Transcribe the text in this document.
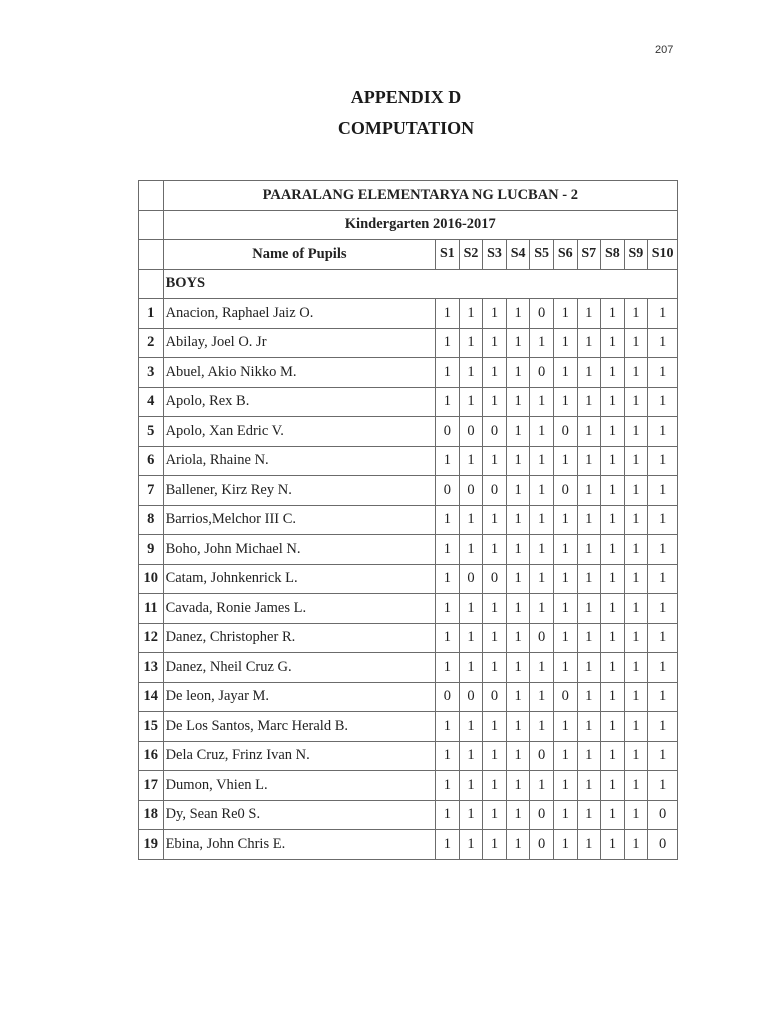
207
APPENDIX D
COMPUTATION
	PAARALANG ELEMENTARYA NG LUCBAN - 2										
	Kindergarten 2016-2017										
	Name of Pupils	S1	S2	S3	S4	S5	S6	S7	S8	S9	S10
	BOYS										
1	Anacion, Raphael Jaiz O.	1	1	1	1	0	1	1	1	1	1
2	Abilay, Joel O. Jr	1	1	1	1	1	1	1	1	1	1
3	Abuel, Akio Nikko M.	1	1	1	1	0	1	1	1	1	1
4	Apolo, Rex B.	1	1	1	1	1	1	1	1	1	1
5	Apolo, Xan Edric V.	0	0	0	1	1	0	1	1	1	1
6	Ariola, Rhaine N.	1	1	1	1	1	1	1	1	1	1
7	Ballener, Kirz Rey N.	0	0	0	1	1	0	1	1	1	1
8	Barrios,Melchor III C.	1	1	1	1	1	1	1	1	1	1
9	Boho, John Michael N.	1	1	1	1	1	1	1	1	1	1
10	Catam, Johnkenrick L.	1	0	0	1	1	1	1	1	1	1
11	Cavada, Ronie James L.	1	1	1	1	1	1	1	1	1	1
12	Danez, Christopher R.	1	1	1	1	0	1	1	1	1	1
13	Danez, Nheil Cruz G.	1	1	1	1	1	1	1	1	1	1
14	De leon, Jayar M.	0	0	0	1	1	0	1	1	1	1
15	De Los Santos, Marc Herald B.	1	1	1	1	1	1	1	1	1	1
16	Dela Cruz, Frinz Ivan N.	1	1	1	1	0	1	1	1	1	1
17	Dumon, Vhien L.	1	1	1	1	1	1	1	1	1	1
18	Dy, Sean Re0 S.	1	1	1	1	0	1	1	1	1	0
19	Ebina, John Chris E.	1	1	1	1	0	1	1	1	1	0
